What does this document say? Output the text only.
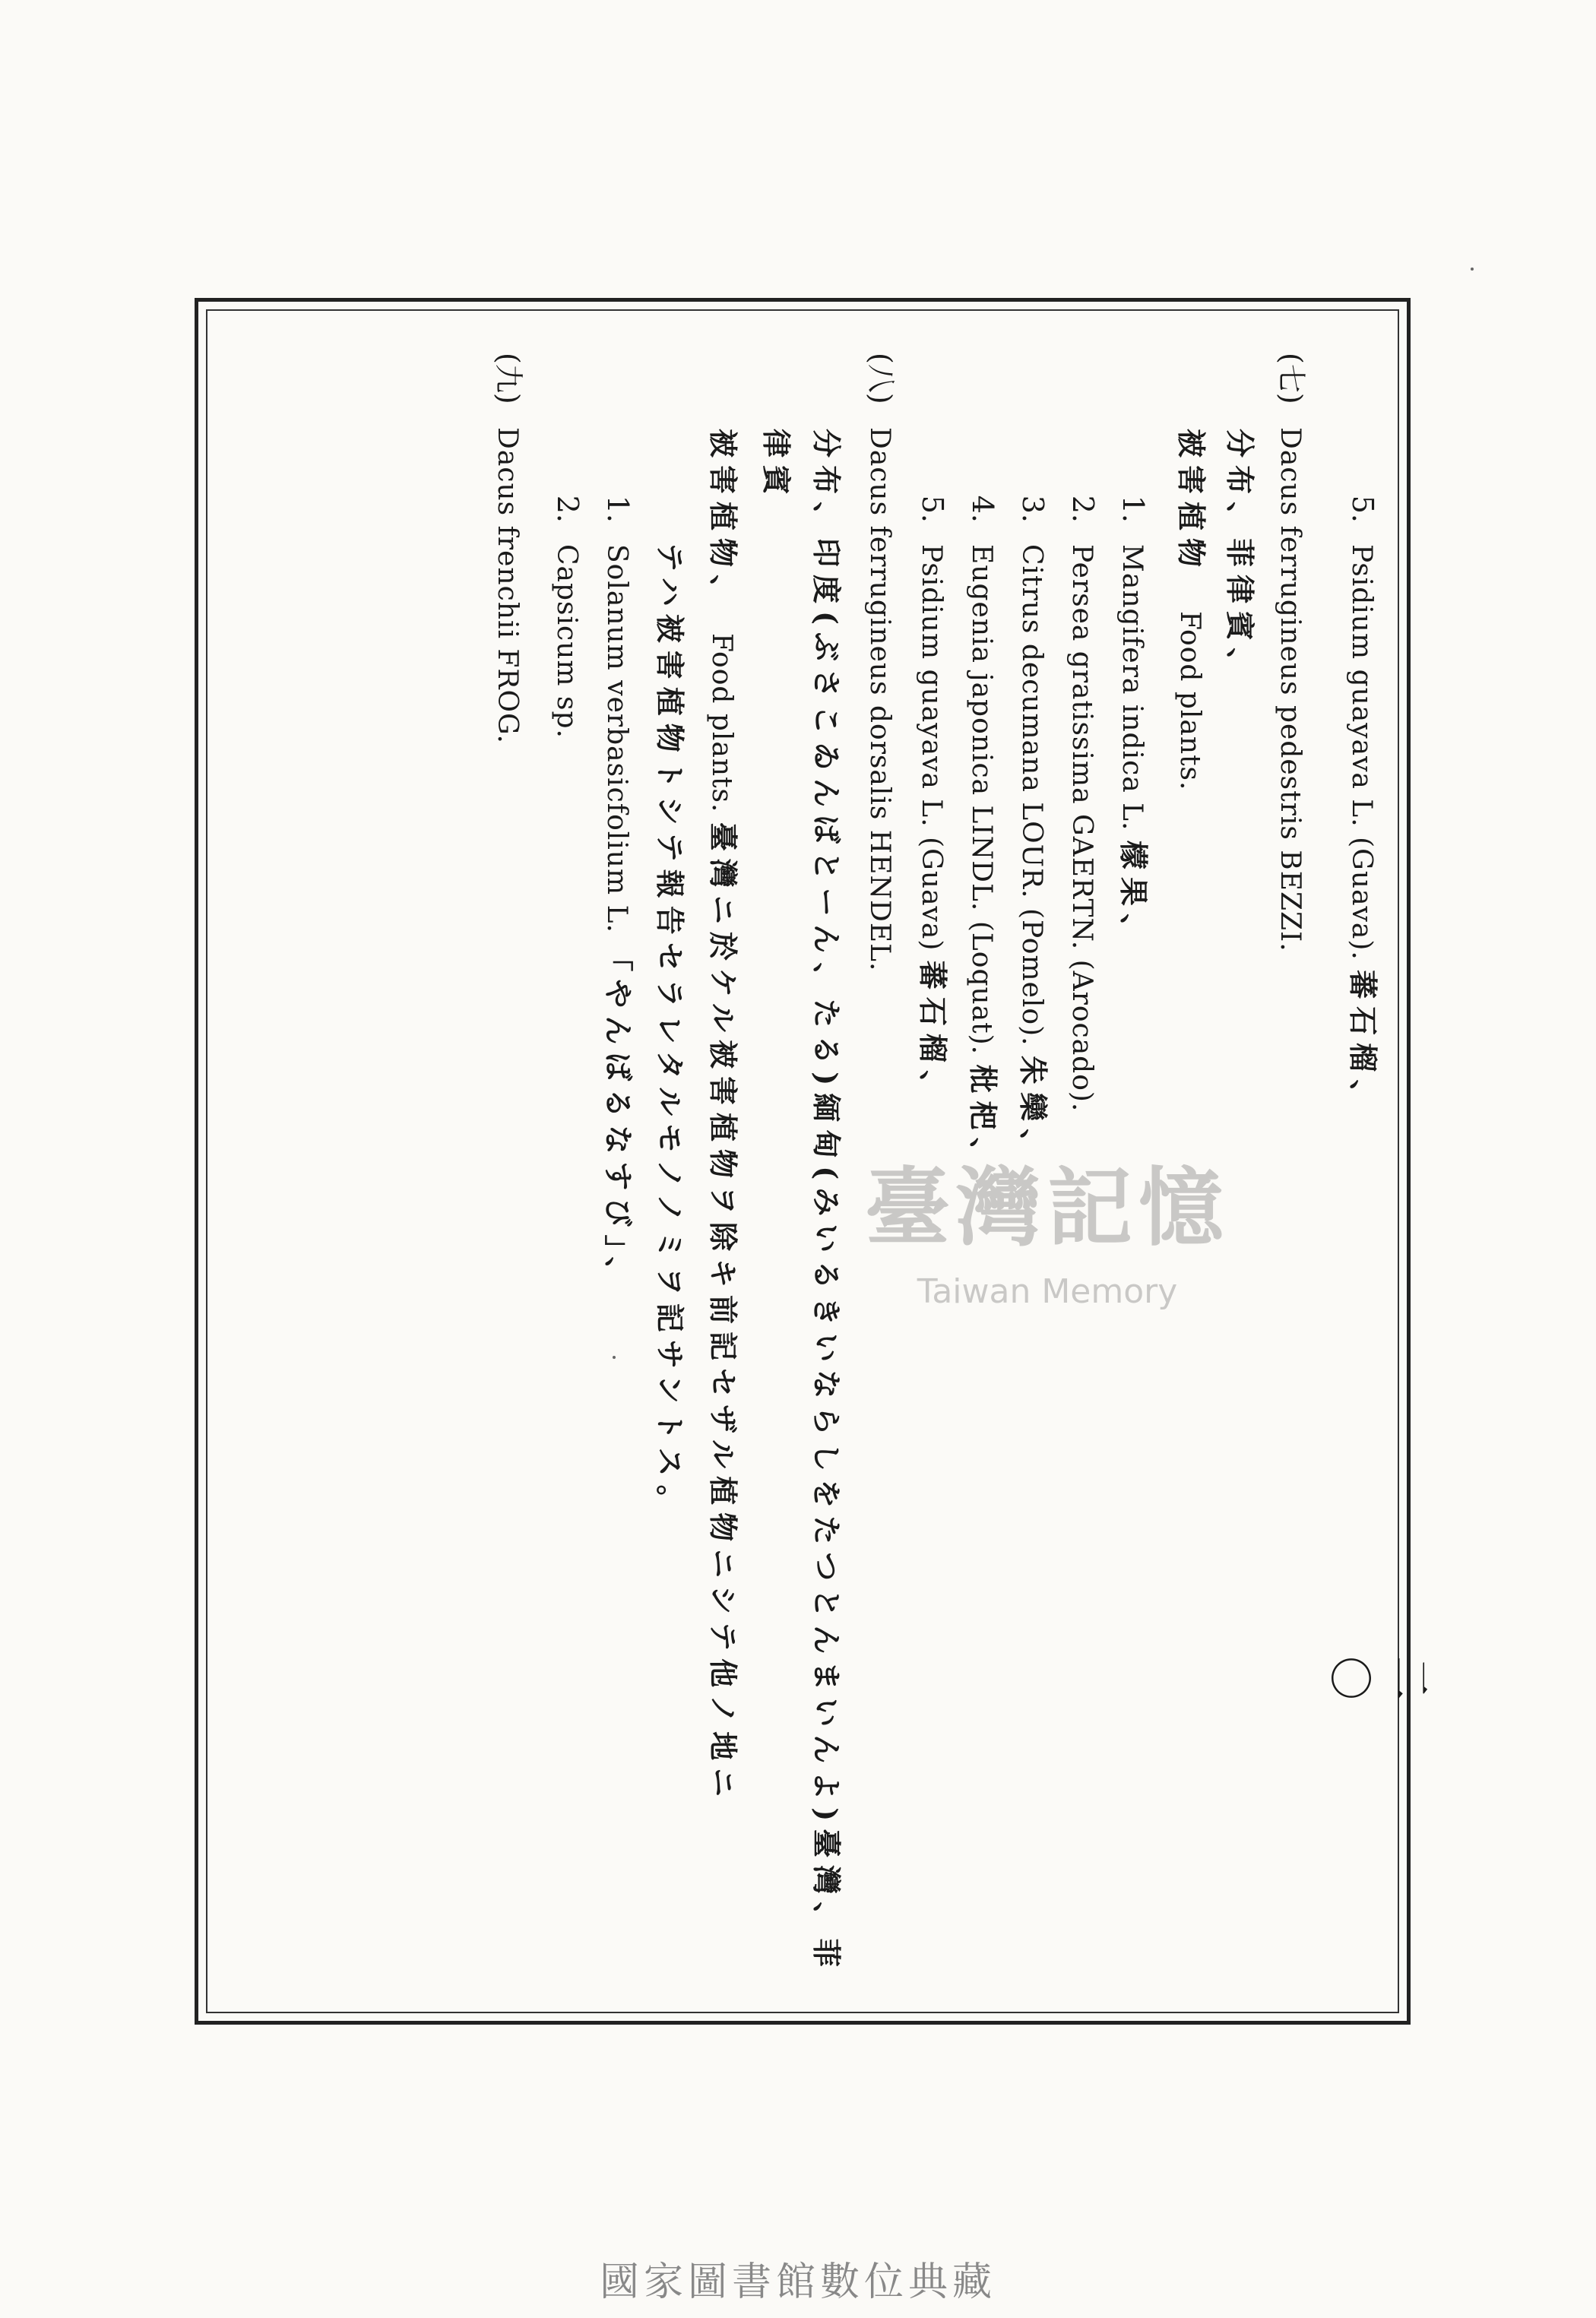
二〇
5.Psidium guayava L. (Guava). 蕃石榴、
(七)Dacus ferrugineus pedestris BEZZI.
分布、菲律賓、
被害植物　Food plants.
1.Mangifera indica L. 檬果、
2.Persea gratissima GAERTN. (Arocado).
3.Citrus decumana LOUR. (Pomelo). 朱欒、
4.Eugenia japonica LINDL. (Loquat). 枇杷、
5.Psidium guayava L. (Guava) 蕃石榴、
(八)Dacus ferrugineus dorsalis HENDEL.
分布、印度(ぶさこゐんばとーん、たる)緬甸(みいるきいならしをたつとんまいんよ)臺灣、菲
律賓
被害植物、　Food plants. 臺灣ニ於ケル被害植物ヲ除キ前記セザル植物ニシテ他ノ地ニ
テハ被害植物トシテ報告セラレタルモノノミヲ記サントス。
1.Solanum verbasicfolium L. 「やんばるなすび」、
2.Capsicum sp.
(九)Dacus frenchii FROG.
臺灣記憶
Taiwan Memory
國家圖書館數位典藏
